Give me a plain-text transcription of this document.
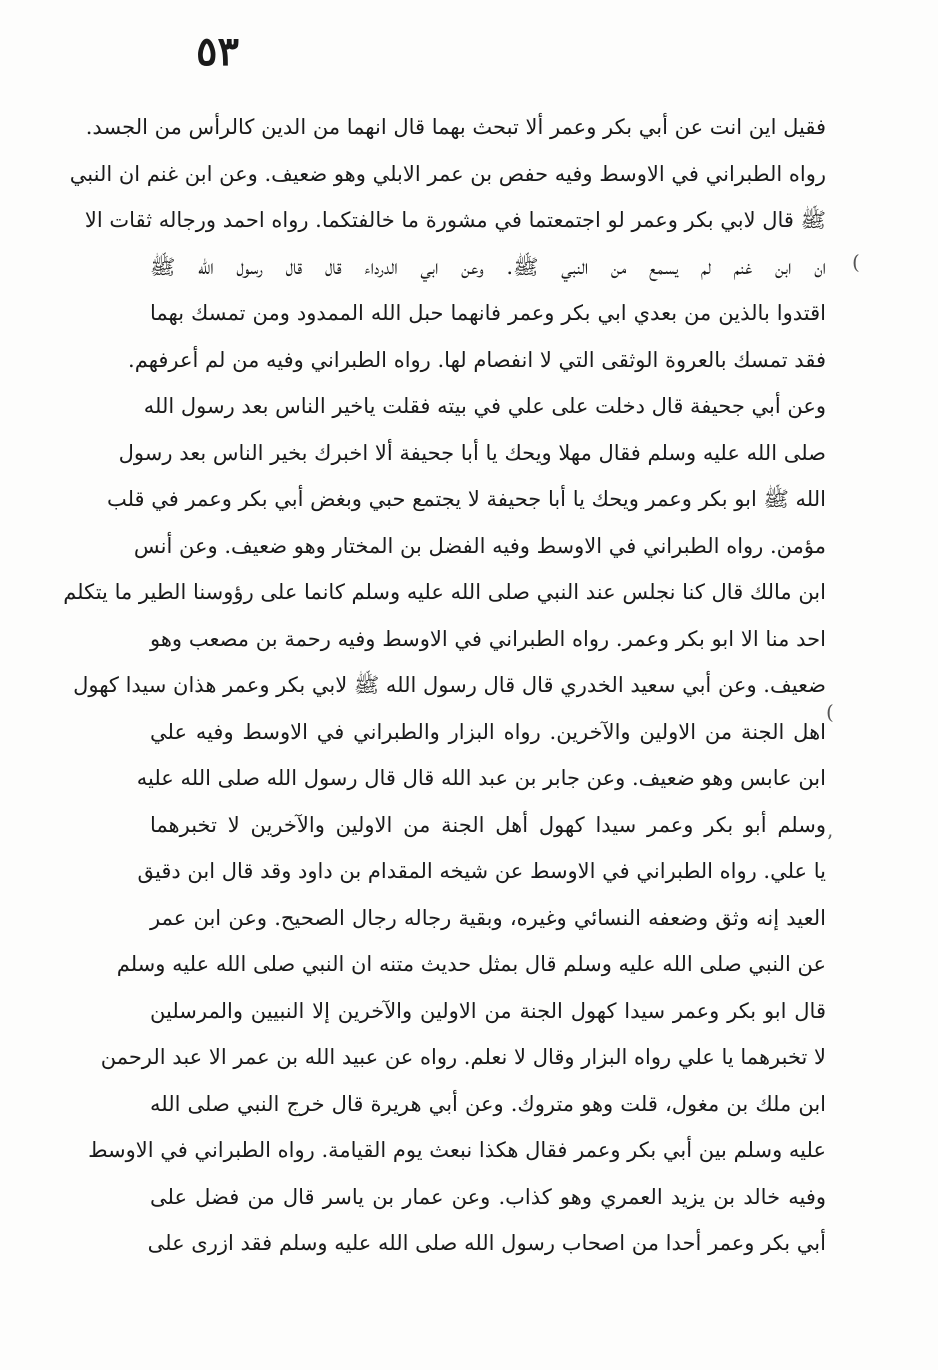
٥٣
فقيل اين انت عن أبي بكر وعمر ألا تبحث بهما قال انهما من الدين كالرأس من الجسد.
رواه الطبراني في الاوسط وفيه حفص بن عمر الابلي وهو ضعيف. وعن ابن غنم ان النبي
ﷺ قال لابي بكر وعمر لو اجتمعتما في مشورة ما خالفتكما. رواه احمد ورجاله ثقات الا
ان ابن غنم لم يسمع من النبي ﷺ. وعن ابي الدرداء قال قال رسول الله ﷺ
اقتدوا بالذين من بعدي ابي بكر وعمر فانهما حبل الله الممدود ومن تمسك بهما
فقد تمسك بالعروة الوثقى التي لا انفصام لها. رواه الطبراني وفيه من لم أعرفهم.
وعن أبي جحيفة قال دخلت على علي في بيته فقلت ياخير الناس بعد رسول الله
صلى الله عليه وسلم فقال مهلا ويحك يا أبا جحيفة ألا اخبرك بخير الناس بعد رسول
الله ﷺ ابو بكر وعمر ويحك يا أبا جحيفة لا يجتمع حبي وبغض أبي بكر وعمر في قلب
مؤمن. رواه الطبراني في الاوسط وفيه الفضل بن المختار وهو ضعيف. وعن أنس
ابن مالك قال كنا نجلس عند النبي صلى الله عليه وسلم كانما على رؤوسنا الطير ما يتكلم
احد منا الا ابو بكر وعمر. رواه الطبراني في الاوسط وفيه رحمة بن مصعب وهو
ضعيف. وعن أبي سعيد الخدري قال قال رسول الله ﷺ لابي بكر وعمر هذان سيدا كهول
اهل الجنة من الاولين والآخرين. رواه البزار والطبراني في الاوسط وفيه علي
ابن عابس وهو ضعيف. وعن جابر بن عبد الله قال قال رسول الله صلى الله عليه
وسلم أبو بكر وعمر سيدا كهول أهل الجنة من الاولين والآخرين لا تخبرهما
يا علي. رواه الطبراني في الاوسط عن شيخه المقدام بن داود وقد قال ابن دقيق
العيد إنه وثق وضعفه النسائي وغيره، وبقية رجاله رجال الصحيح. وعن ابن عمر
عن النبي صلى الله عليه وسلم قال بمثل حديث متنه ان النبي صلى الله عليه وسلم
قال ابو بكر وعمر سيدا كهول الجنة من الاولين والآخرين إلا النبيين والمرسلين
لا تخبرهما يا علي رواه البزار وقال لا نعلم. رواه عن عبيد الله بن عمر الا عبد الرحمن
ابن ملك بن مغول، قلت وهو متروك. وعن أبي هريرة قال خرج النبي صلى الله
عليه وسلم بين أبي بكر وعمر فقال هكذا نبعث يوم القيامة. رواه الطبراني في الاوسط
وفيه خالد بن يزيد العمري وهو كذاب. وعن عمار بن ياسر قال من فضل على
أبي بكر وعمر أحدا من اصحاب رسول الله صلى الله عليه وسلم فقد ازرى على
(
(
ʼ
